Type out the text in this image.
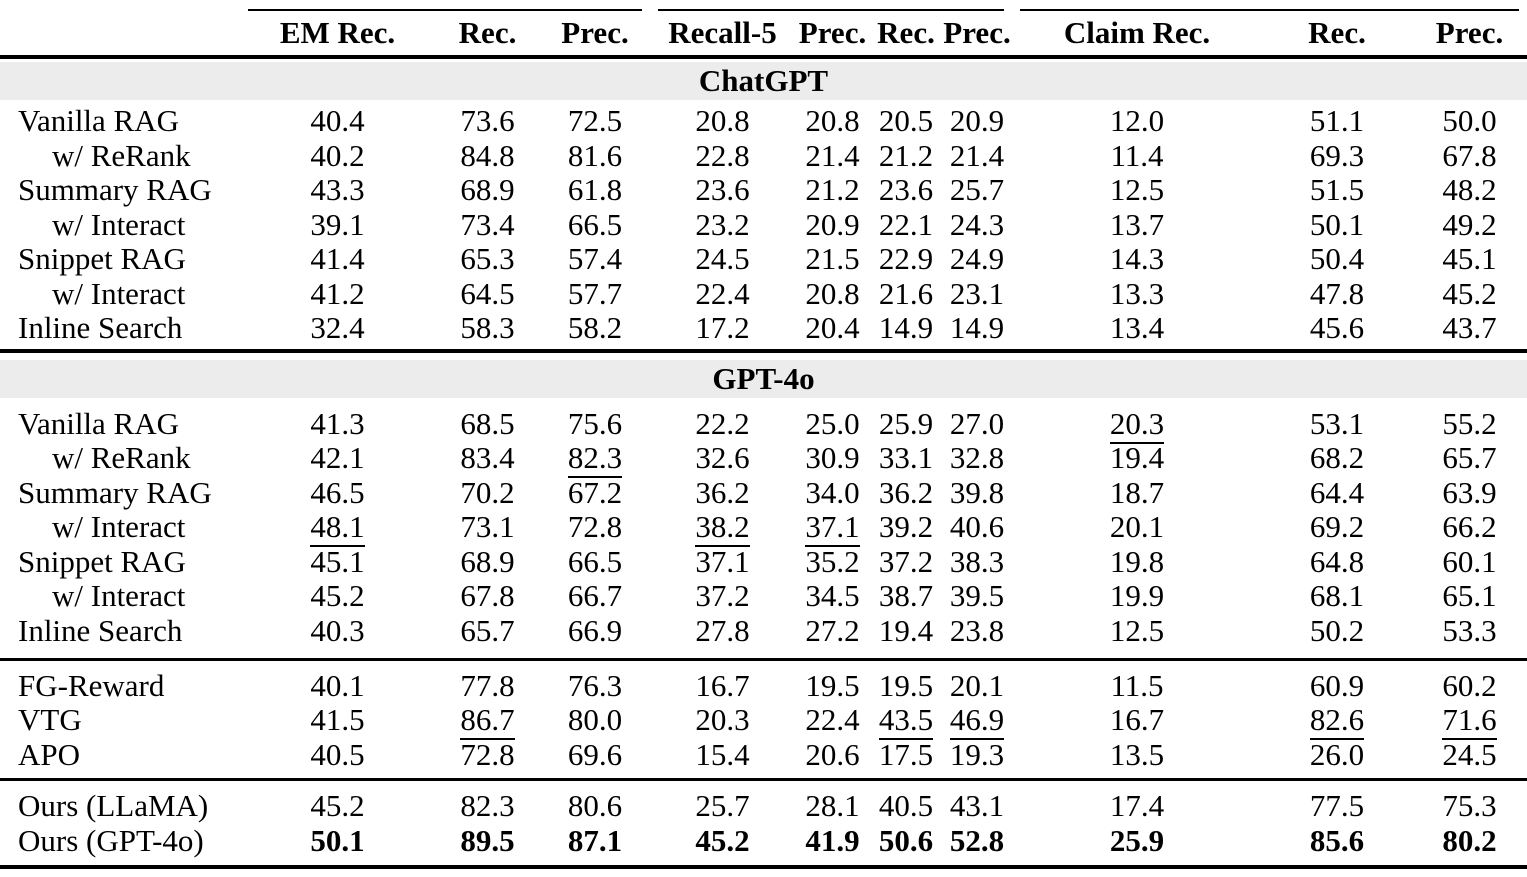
EM Rec.	Rec.	Prec.	Recall-5 Prec. Rec. Prec.	Claim Rec.	Rec.	Prec.
ChatGPT
Vanilla RAG	40.4	73.6	72.5	20.8	20.8 20.5 20.9	12.0	51.1	50.0
w/ ReRank	40.2	84.8	81.6	22.8	21.4 21.2 21.4	11.4	69.3	67.8
Summary RAG	43.3	68.9	61.8	23.6	21.2 23.6 25.7	12.5	51.5	48.2
w/ Interact	39.1	73.4	66.5	23.2	20.9 22.1 24.3	13.7	50.1	49.2
Snippet RAG	41.4	65.3	57.4	24.5	21.5 22.9 24.9	14.3	50.4	45.1
w/ Interact	41.2	64.5	57.7	22.4	20.8 21.6 23.1	13.3	47.8	45.2
Inline Search	32.4	58.3	58.2	17.2	20.4 14.9 14.9	13.4	45.6	43.7
GPT-4o
Vanilla RAG	41.3	68.5	75.6	22.2	25.0 25.9 27.0	20.3	53.1	55.2
w/ ReRank	42.1	83.4	82.3	32.6	30.9 33.1 32.8	19.4	68.2	65.7
Summary RAG	46.5	70.2	67.2	36.2	34.0 36.2 39.8	18.7	64.4	63.9
w/ Interact	48.1	73.1	72.8	38.2	37.1 39.2 40.6	20.1	69.2	66.2
Snippet RAG	45.1	68.9	66.5	37.1	35.2 37.2 38.3	19.8	64.8	60.1
w/ Interact	45.2	67.8	66.7	37.2	34.5 38.7 39.5	19.9	68.1	65.1
Inline Search	40.3	65.7	66.9	27.8	27.2 19.4 23.8	12.5	50.2	53.3
FG-Reward	40.1	77.8	76.3	16.7	19.5 19.5 20.1	11.5	60.9	60.2
VTG	41.5	86.7	80.0	20.3	22.4 43.5 46.9	16.7	82.6	71.6
APO	40.5	72.8	69.6	15.4	20.6 17.5 19.3	13.5	26.0	24.5
Ours (LLaMA)	45.2	82.3	80.6	25.7	28.1 40.5 43.1	17.4	77.5	75.3
Ours (GPT-4o)	50.1	89.5	87.1	45.2	41.9 50.6 52.8	25.9	85.6	80.2
